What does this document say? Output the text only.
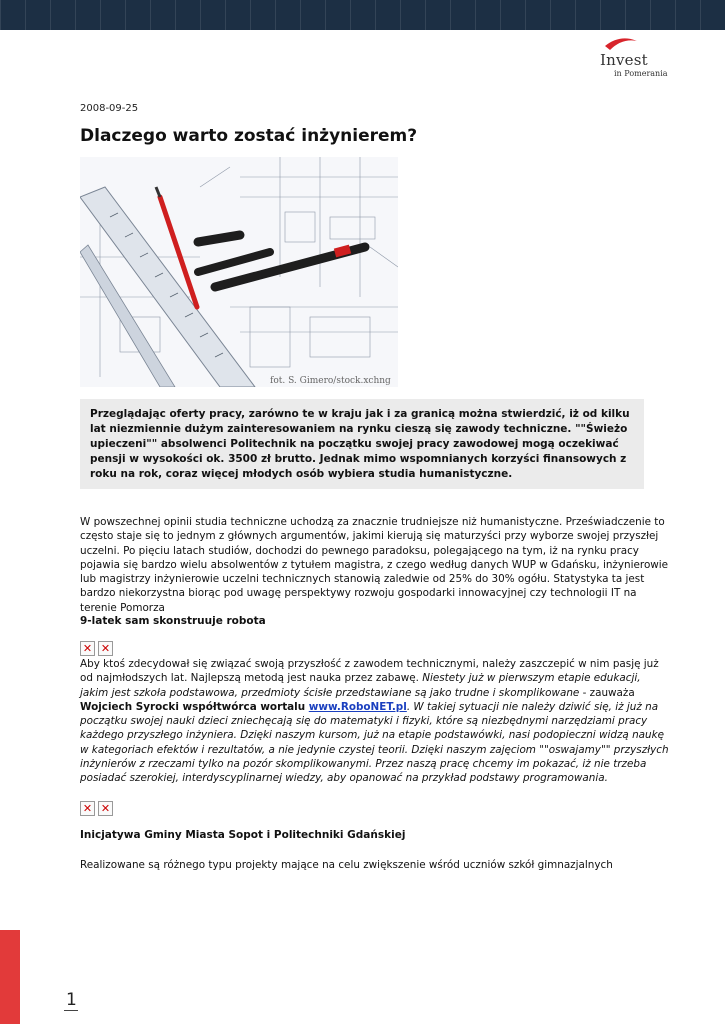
Invest
in Pomerania
2008-09-25
Dlaczego warto zostać inżynierem?
fot. S. Gimero/stock.xchng
Przeglądając oferty pracy, zarówno te w kraju jak i za granicą można stwierdzić, iż od kilku lat niezmiennie dużym zainteresowaniem na rynku cieszą się zawody techniczne. ""Świeżo upieczeni"" absolwenci Politechnik na początku swojej pracy zawodowej mogą oczekiwać pensji w wysokości ok. 3500 zł brutto. Jednak mimo wspomnianych korzyści finansowych z roku na rok, coraz więcej młodych osób wybiera studia humanistyczne.

W powszechnej opinii studia techniczne uchodzą za znacznie trudniejsze niż humanistyczne. Przeświadczenie to często staje się to jednym z głównych argumentów, jakimi kierują się maturzyści przy wyborze swojej przyszłej uczelni. Po pięciu latach studiów, dochodzi do pewnego paradoksu, polegającego na tym, iż na rynku pracy pojawia się bardzo wielu absolwentów z tytułem magistra, z czego według danych WUP w Gdańsku, inżynierowie lub magistrzy inżynierowie uczelni technicznych stanowią zaledwie od 25% do 30% ogółu. Statystyka ta jest bardzo niekorzystna biorąc pod uwagę perspektywy rozwoju gospodarki innowacyjnej czy technologii IT na terenie Pomorza

9-latek sam skonstruuje robota

✕ ✕

Aby ktoś zdecydował się związać swoją przyszłość z zawodem technicznymi, należy zaszczepić w nim pasję już od najmłodszych lat. Najlepszą metodą jest nauka przez zabawę. Niestety już w pierwszym etapie edukacji, jakim jest szkoła podstawowa, przedmioty ścisłe przedstawiane są jako trudne i skomplikowane - zauważa Wojciech Syrocki współtwórca wortalu www.RoboNET.pl. W takiej sytuacji nie należy dziwić się, iż już na początku swojej nauki dzieci zniechęcają się do matematyki i fizyki, które są niezbędnymi narzędziami pracy każdego przyszłego inżyniera. Dzięki naszym kursom, już na etapie podstawówki, nasi podopieczni widzą naukę w kategoriach efektów i rezultatów, a nie jedynie czystej teorii. Dzięki naszym zajęciom ""oswajamy"" przyszłych inżynierów z rzeczami tylko na pozór skomplikowanymi. Przez naszą pracę chcemy im pokazać, iż nie trzeba posiadać szerokiej, interdyscyplinarnej wiedzy, aby opanować na przykład podstawy programowania.

✕ ✕

Inicjatywa Gminy Miasta Sopot i Politechniki Gdańskiej

Realizowane są różnego typu projekty mające na celu zwiększenie wśród uczniów szkół gimnazjalnych

1
